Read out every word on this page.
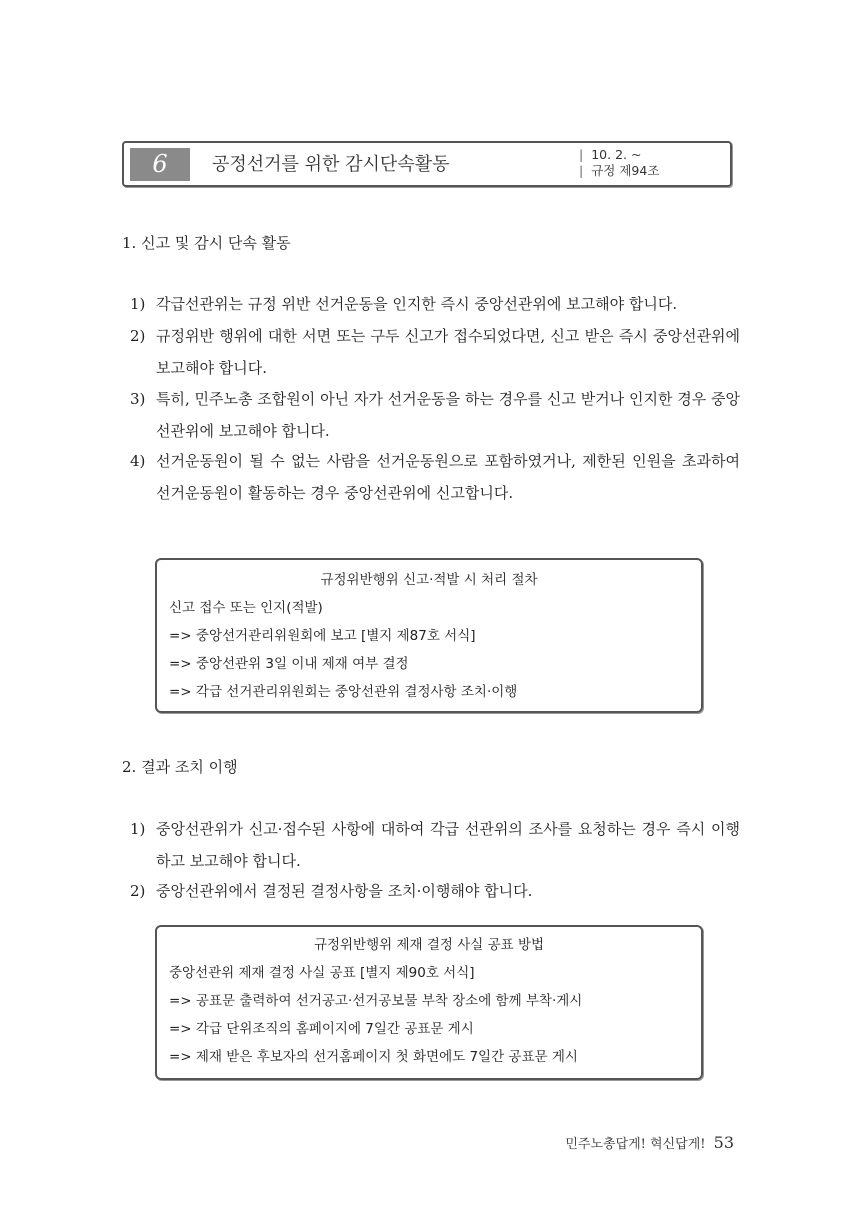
6	공정선거를 위한 감시단속활동	| 10. 2. ~
| 규정 제94조
1. 신고 및 감시 단속 활동
1) 각급선관위는 규정 위반 선거운동을 인지한 즉시 중앙선관위에 보고해야 합니다.
2) 규정위반 행위에 대한 서면 또는 구두 신고가 접수되었다면, 신고 받은 즉시 중앙선관위에 보고해야 합니다.
3) 특히, 민주노총 조합원이 아닌 자가 선거운동을 하는 경우를 신고 받거나 인지한 경우 중앙선관위에 보고해야 합니다.
4) 선거운동원이 될 수 없는 사람을 선거운동원으로 포함하였거나, 제한된 인원을 초과하여 선거운동원이 활동하는 경우 중앙선관위에 신고합니다.
규정위반행위 신고·적발 시 처리 절차
신고 접수 또는 인지(적발)
=> 중앙선거관리위원회에 보고 [별지 제87호 서식]
=> 중앙선관위 3일 이내 제재 여부 결정
=> 각급 선거관리위원회는 중앙선관위 결정사항 조치·이행
2. 결과 조치 이행
1) 중앙선관위가 신고·접수된 사항에 대하여 각급 선관위의 조사를 요청하는 경우 즉시 이행하고 보고해야 합니다.
2) 중앙선관위에서 결정된 결정사항을 조치·이행해야 합니다.
규정위반행위 제재 결정 사실 공표 방법
중앙선관위 제재 결정 사실 공표 [별지 제90호 서식]
=> 공표문 출력하여 선거공고·선거공보물 부착 장소에 함께 부착·게시
=> 각급 단위조직의 홈페이지에 7일간 공표문 게시
=> 제재 받은 후보자의 선거홈페이지 첫 화면에도 7일간 공표문 게시
민주노총답게! 혁신답게! 53
